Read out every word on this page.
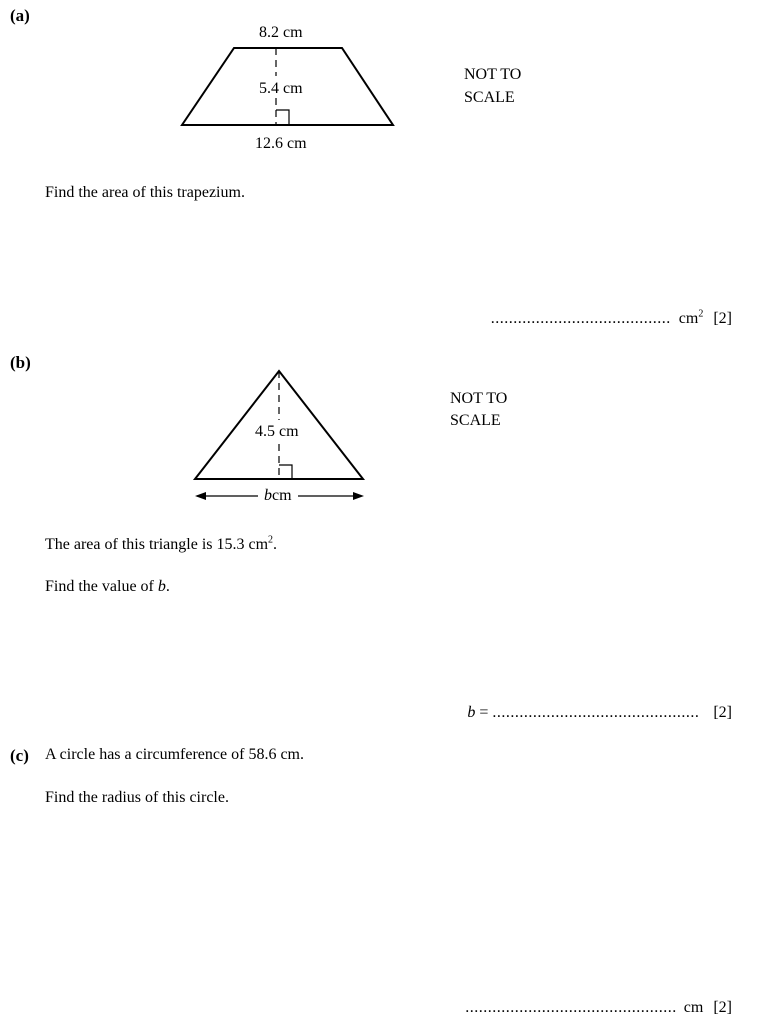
(a)
8.2 cm
5.4 cm
12.6 cm
NOT TO
SCALE
Find the area of this trapezium.
........................................ $cm^2$ [2]
(b)
4.5 cm
bcm
NOT TO
SCALE
The area of this triangle is 15.3 $cm^2$.
Find the value of b.
b = .............................................. [2]
(c) A circle has a circumference of 58.6 cm.
Find the radius of this circle.
............................................... cm [2]
